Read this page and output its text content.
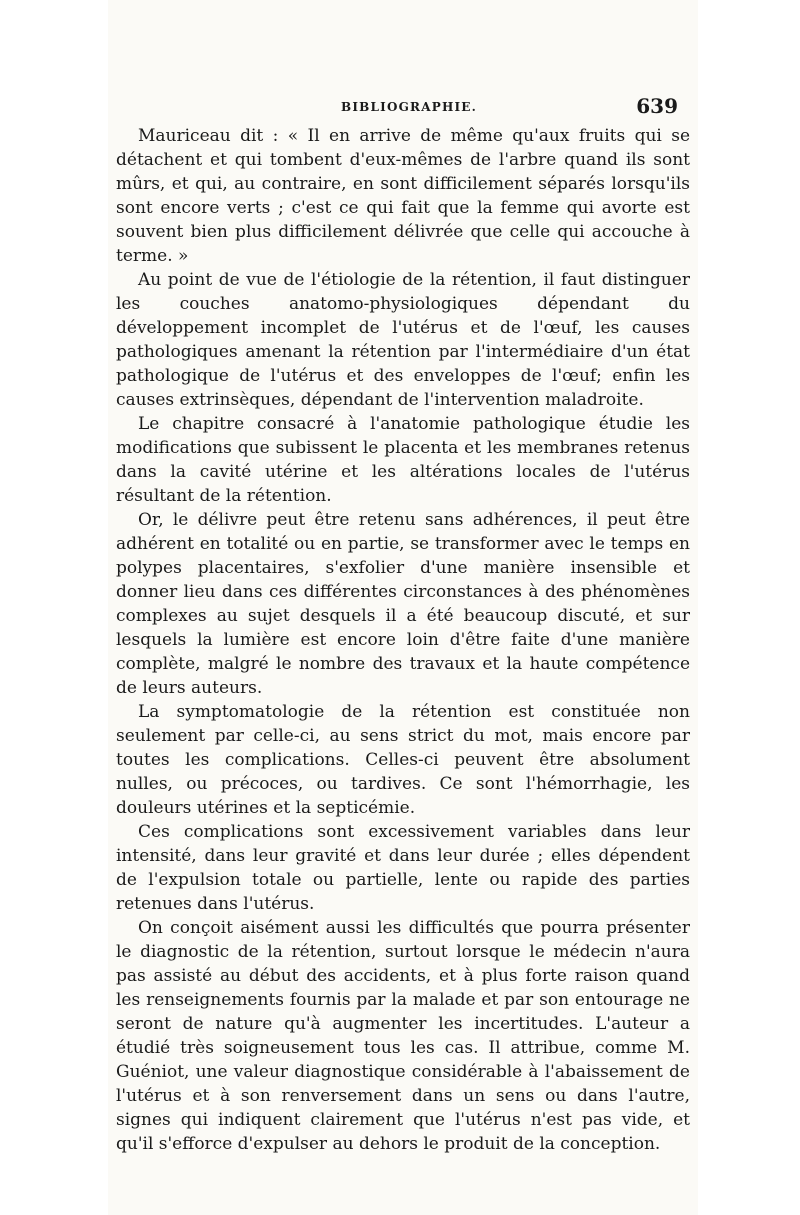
BIBLIOGRAPHIE.	639

Mauriceau dit : « Il en arrive de même qu'aux fruits qui se détachent et qui tombent d'eux-mêmes de l'arbre quand ils sont mûrs, et qui, au contraire, en sont difficilement séparés lorsqu'ils sont encore verts ; c'est ce qui fait que la femme qui avorte est souvent bien plus difficilement délivrée que celle qui accouche à terme. »

Au point de vue de l'étiologie de la rétention, il faut distinguer les couches anatomo-physiologiques dépendant du développement incomplet de l'utérus et de l'œuf, les causes pathologiques amenant la rétention par l'intermédiaire d'un état pathologique de l'utérus et des enveloppes de l'œuf; enfin les causes extrinsèques, dépendant de l'intervention maladroite.

Le chapitre consacré à l'anatomie pathologique étudie les modifications que subissent le placenta et les membranes retenus dans la cavité utérine et les altérations locales de l'utérus résultant de la rétention.

Or, le délivre peut être retenu sans adhérences, il peut être adhérent en totalité ou en partie, se transformer avec le temps en polypes placentaires, s'exfolier d'une manière insensible et donner lieu dans ces différentes circonstances à des phénomènes complexes au sujet desquels il a été beaucoup discuté, et sur lesquels la lumière est encore loin d'être faite d'une manière complète, malgré le nombre des travaux et la haute compétence de leurs auteurs.

La symptomatologie de la rétention est constituée non seulement par celle-ci, au sens strict du mot, mais encore par toutes les complications. Celles-ci peuvent être absolument nulles, ou précoces, ou tardives. Ce sont l'hémorrhagie, les douleurs utérines et la septicémie.

Ces complications sont excessivement variables dans leur intensité, dans leur gravité et dans leur durée ; elles dépendent de l'expulsion totale ou partielle, lente ou rapide des parties retenues dans l'utérus.

On conçoit aisément aussi les difficultés que pourra présenter le diagnostic de la rétention, surtout lorsque le médecin n'aura pas assisté au début des accidents, et à plus forte raison quand les renseignements fournis par la malade et par son entourage ne seront de nature qu'à augmenter les incertitudes. L'auteur a étudié très soigneusement tous les cas. Il attribue, comme M. Guéniot, une valeur diagnostique considérable à l'abaissement de l'utérus et à son renversement dans un sens ou dans l'autre, signes qui indiquent clairement que l'utérus n'est pas vide, et qu'il s'efforce d'expulser au dehors le produit de la conception.
